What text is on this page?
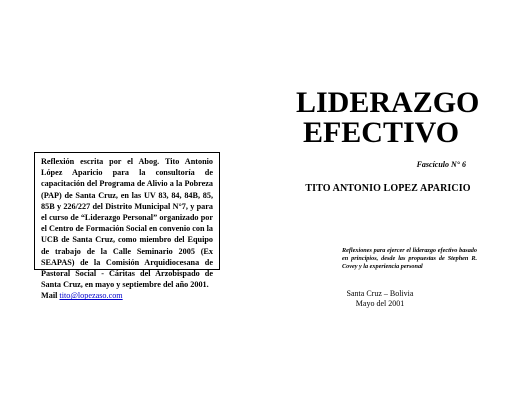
Reflexión escrita por el Abog. Tito Antonio López Aparicio para la consultoría de capacitación del Programa de Alivio a la Pobreza (PAP) de Santa Cruz, en las UV 83, 84, 84B, 85, 85B y 226/227 del Distrito Municipal N°7, y para el curso de “Liderazgo Personal” organizado por el Centro de Formación Social en convenio con la UCB de Santa Cruz, como miembro del Equipo de trabajo de la Calle Seminario 2005 (Ex SEAPAS) de la Comisión Arquidiocesana de Pastoral Social - Cáritas del Arzobispado de Santa Cruz, en mayo y septiembre del año 2001.
Mail tito@lopezaso.com
LIDERAZGO
EFECTIVO
Fascículo N° 6
TITO ANTONIO LOPEZ APARICIO
Reflexiones para ejercer el liderazgo efectivo basado en principios, desde las propuestas de Stephen R. Covey y la experiencia personal
Santa Cruz – Bolivia
Mayo del 2001
